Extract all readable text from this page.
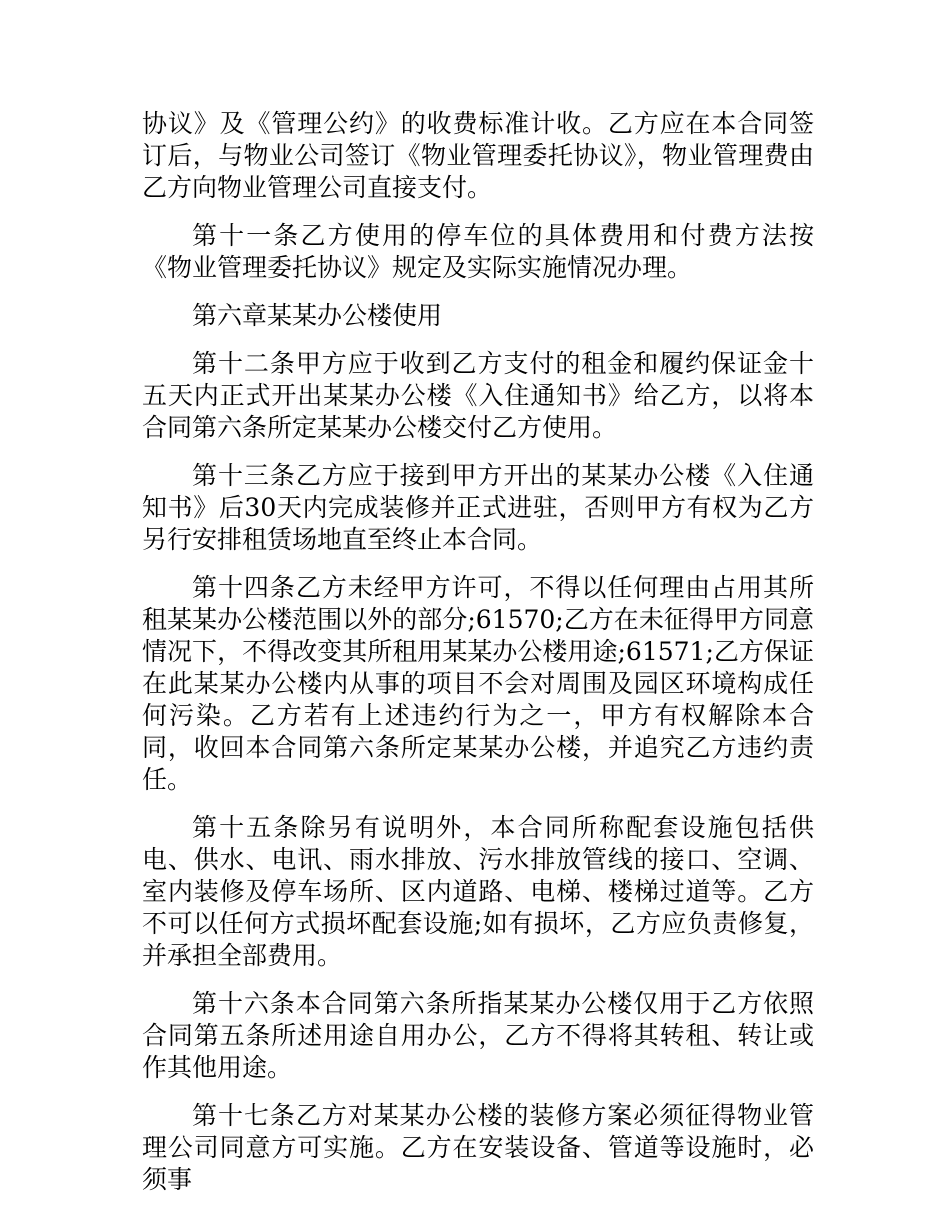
协议》及《管理公约》的收费标准计收。乙方应在本合同签订后，与物业公司签订《物业管理委托协议》，物业管理费由乙方向物业管理公司直接支付。

第十一条乙方使用的停车位的具体费用和付费方法按《物业管理委托协议》规定及实际实施情况办理。

第六章某某办公楼使用

第十二条甲方应于收到乙方支付的租金和履约保证金十五天内正式开出某某办公楼《入住通知书》给乙方，以将本合同第六条所定某某办公楼交付乙方使用。

第十三条乙方应于接到甲方开出的某某办公楼《入住通知书》后30天内完成装修并正式进驻，否则甲方有权为乙方另行安排租赁场地直至终止本合同。

第十四条乙方未经甲方许可，不得以任何理由占用其所租某某办公楼范围以外的部分;61570;乙方在未征得甲方同意情况下，不得改变其所租用某某办公楼用途;61571;乙方保证在此某某办公楼内从事的项目不会对周围及园区环境构成任何污染。乙方若有上述违约行为之一，甲方有权解除本合同，收回本合同第六条所定某某办公楼，并追究乙方违约责任。

第十五条除另有说明外，本合同所称配套设施包括供电、供水、电讯、雨水排放、污水排放管线的接口、空调、室内装修及停车场所、区内道路、电梯、楼梯过道等。乙方不可以任何方式损坏配套设施;如有损坏，乙方应负责修复，并承担全部费用。

第十六条本合同第六条所指某某办公楼仅用于乙方依照合同第五条所述用途自用办公，乙方不得将其转租、转让或作其他用途。

第十七条乙方对某某办公楼的装修方案必须征得物业管理公司同意方可实施。乙方在安装设备、管道等设施时，必须事
